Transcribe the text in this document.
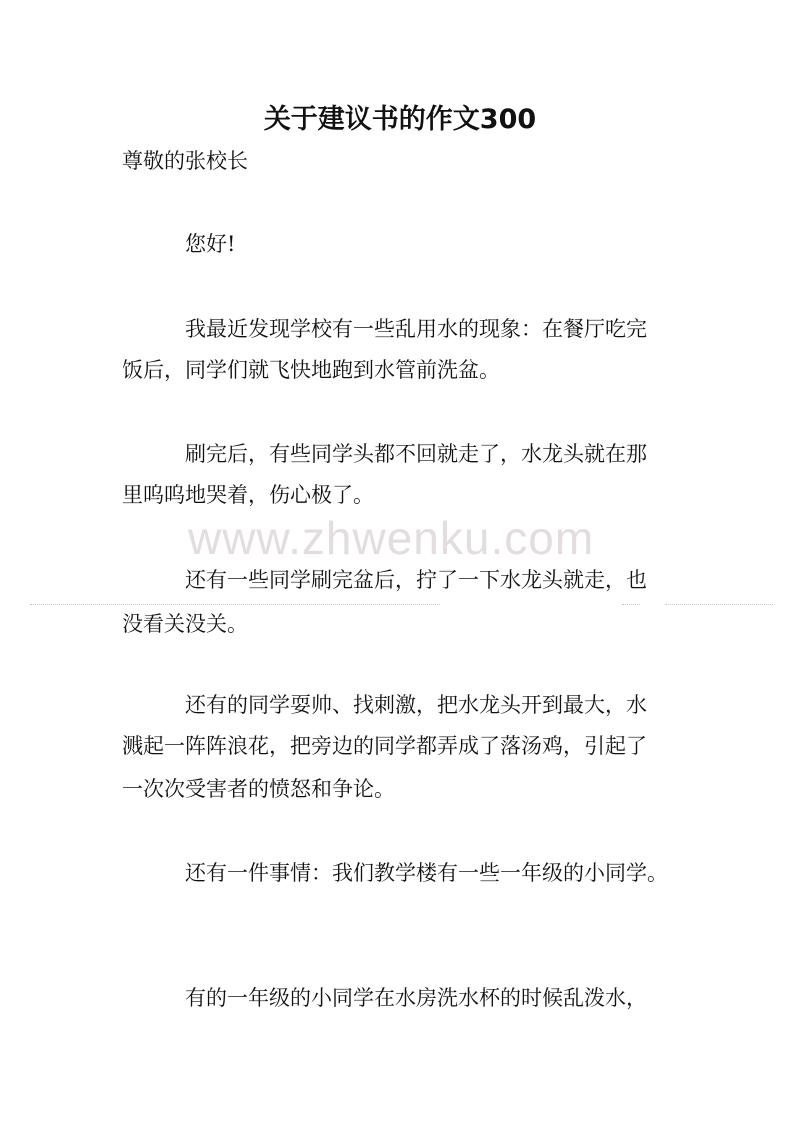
关于建议书的作文300
尊敬的张校长
您好!
www.zhwenku.com
我最近发现学校有一些乱用水的现象：在餐厅吃完
饭后，同学们就飞快地跑到水管前洗盆。
刷完后，有些同学头都不回就走了，水龙头就在那
里呜呜地哭着，伤心极了。
还有一些同学刷完盆后，拧了一下水龙头就走，也
没看关没关。
还有的同学耍帅、找刺激，把水龙头开到最大，水
溅起一阵阵浪花，把旁边的同学都弄成了落汤鸡，引起了
一次次受害者的愤怒和争论。
还有一件事情：我们教学楼有一些一年级的小同学。
有的一年级的小同学在水房洗水杯的时候乱泼水，
